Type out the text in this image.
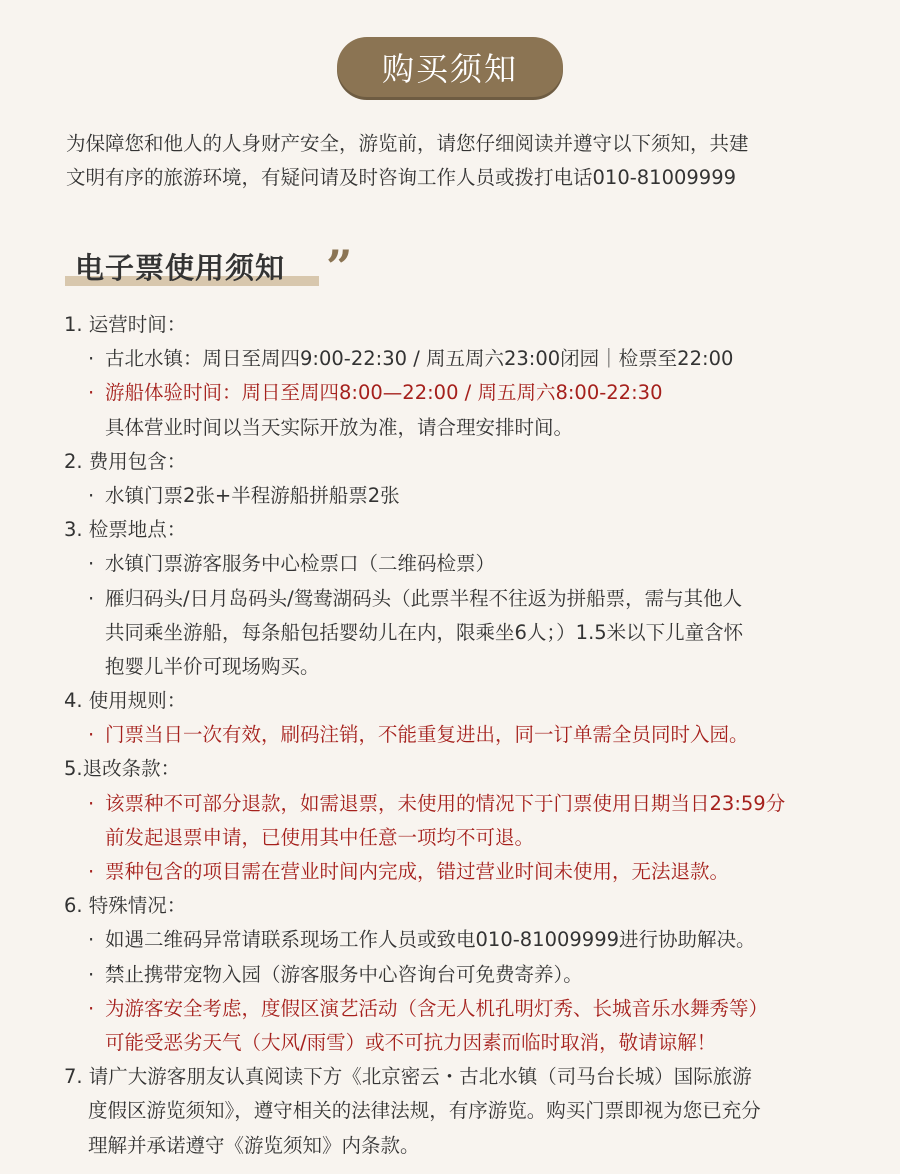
购买须知

为保障您和他人的人身财产安全，游览前，请您仔细阅读并遵守以下须知，共建

文明有序的旅游环境，有疑问请及时咨询工作人员或拨打电话010-81009999

电子票使用须知 ”
1. 运营时间：
· 古北水镇：周日至周四9:00-22:30 / 周五周六23:00闭园｜检票至22:00
· 游船体验时间：周日至周四8:00—22:00 / 周五周六8:00-22:30
具体营业时间以当天实际开放为准，请合理安排时间。
2. 费用包含：
· 水镇门票2张+半程游船拼船票2张
3. 检票地点：
· 水镇门票游客服务中心检票口（二维码检票）
· 雁归码头/日月岛码头/鸳鸯湖码头（此票半程不往返为拼船票，需与其他人
共同乘坐游船，每条船包括婴幼儿在内，限乘坐6人；）1.5米以下儿童含怀
抱婴儿半价可现场购买。
4. 使用规则：
· 门票当日一次有效，刷码注销，不能重复进出，同一订单需全员同时入园。
5.退改条款：
· 该票种不可部分退款，如需退票，未使用的情况下于门票使用日期当日23:59分
前发起退票申请，已使用其中任意一项均不可退。
· 票种包含的项目需在营业时间内完成，错过营业时间未使用，无法退款。
6. 特殊情况：
· 如遇二维码异常请联系现场工作人员或致电010-81009999进行协助解决。
· 禁止携带宠物入园（游客服务中心咨询台可免费寄养）。
· 为游客安全考虑，度假区演艺活动（含无人机孔明灯秀、长城音乐水舞秀等）
可能受恶劣天气（大风/雨雪）或不可抗力因素而临时取消，敬请谅解！
7. 请广大游客朋友认真阅读下方《北京密云・古北水镇（司马台长城）国际旅游
度假区游览须知》，遵守相关的法律法规，有序游览。购买门票即视为您已充分
理解并承诺遵守《游览须知》内条款。
